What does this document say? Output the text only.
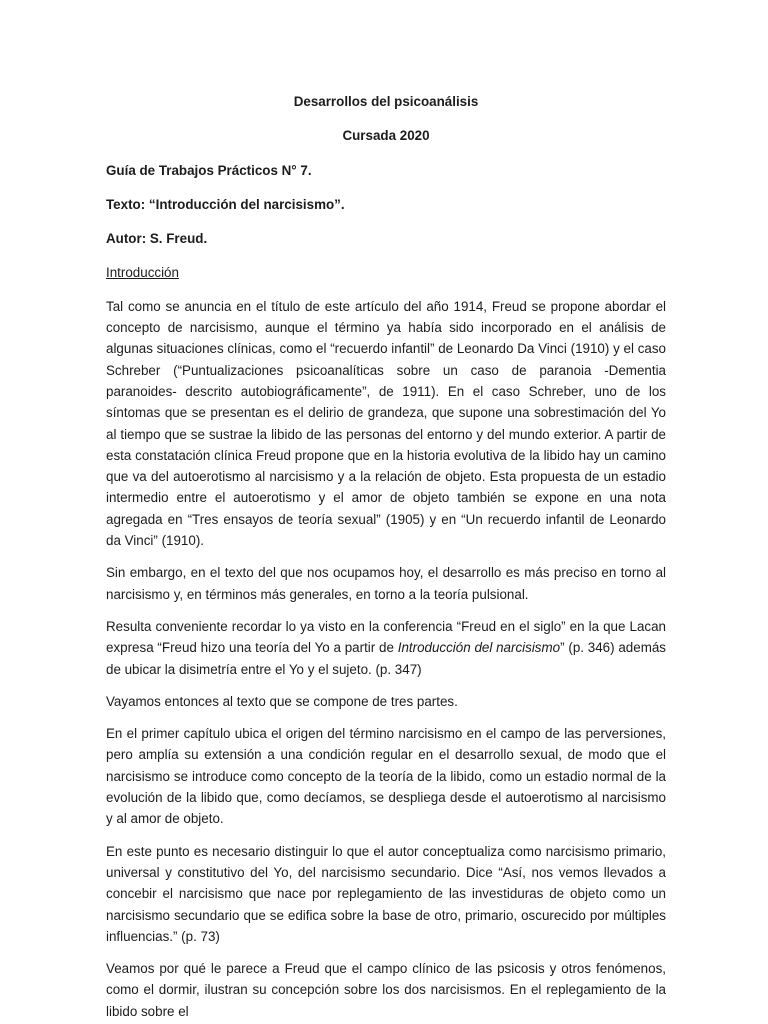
Desarrollos del psicoanálisis

Cursada 2020

Guía de Trabajos Prácticos N° 7.

Texto: “Introducción del narcisismo”.

Autor: S. Freud.

Introducción

Tal como se anuncia en el título de este artículo del año 1914, Freud se propone abordar el concepto de narcisismo, aunque el término ya había sido incorporado en el análisis de algunas situaciones clínicas, como el “recuerdo infantil” de Leonardo Da Vinci (1910) y el caso Schreber (“Puntualizaciones psicoanalíticas sobre un caso de paranoia -Dementia paranoides- descrito autobiográficamente”, de 1911). En el caso Schreber, uno de los síntomas que se presentan es el delirio de grandeza, que supone una sobrestimación del Yo al tiempo que se sustrae la libido de las personas del entorno y del mundo exterior. A partir de esta constatación clínica Freud propone que en la historia evolutiva de la libido hay un camino que va del autoerotismo al narcisismo y a la relación de objeto. Esta propuesta de un estadio intermedio entre el autoerotismo y el amor de objeto también se expone en una nota agregada en “Tres ensayos de teoría sexual” (1905) y en “Un recuerdo infantil de Leonardo da Vinci” (1910).

Sin embargo, en el texto del que nos ocupamos hoy, el desarrollo es más preciso en torno al narcisismo y, en términos más generales, en torno a la teoría pulsional.

Resulta conveniente recordar lo ya visto en la conferencia “Freud en el siglo” en la que Lacan expresa “Freud hizo una teoría del Yo a partir de Introducción del narcisismo” (p. 346) además de ubicar la disimetría entre el Yo y el sujeto. (p. 347)

Vayamos entonces al texto que se compone de tres partes.

En el primer capítulo ubica el origen del término narcisismo en el campo de las perversiones, pero amplía su extensión a una condición regular en el desarrollo sexual, de modo que el narcisismo se introduce como concepto de la teoría de la libido, como un estadio normal de la evolución de la libido que, como decíamos, se despliega desde el autoerotismo al narcisismo y al amor de objeto.

En este punto es necesario distinguir lo que el autor conceptualiza como narcisismo primario, universal y constitutivo del Yo, del narcisismo secundario. Dice “Así, nos vemos llevados a concebir el narcisismo que nace por replegamiento de las investiduras de objeto como un narcisismo secundario que se edifica sobre la base de otro, primario, oscurecido por múltiples influencias.” (p. 73)

Veamos por qué le parece a Freud que el campo clínico de las psicosis y otros fenómenos, como el dormir, ilustran su concepción sobre los dos narcisismos. En el replegamiento de la libido sobre el
